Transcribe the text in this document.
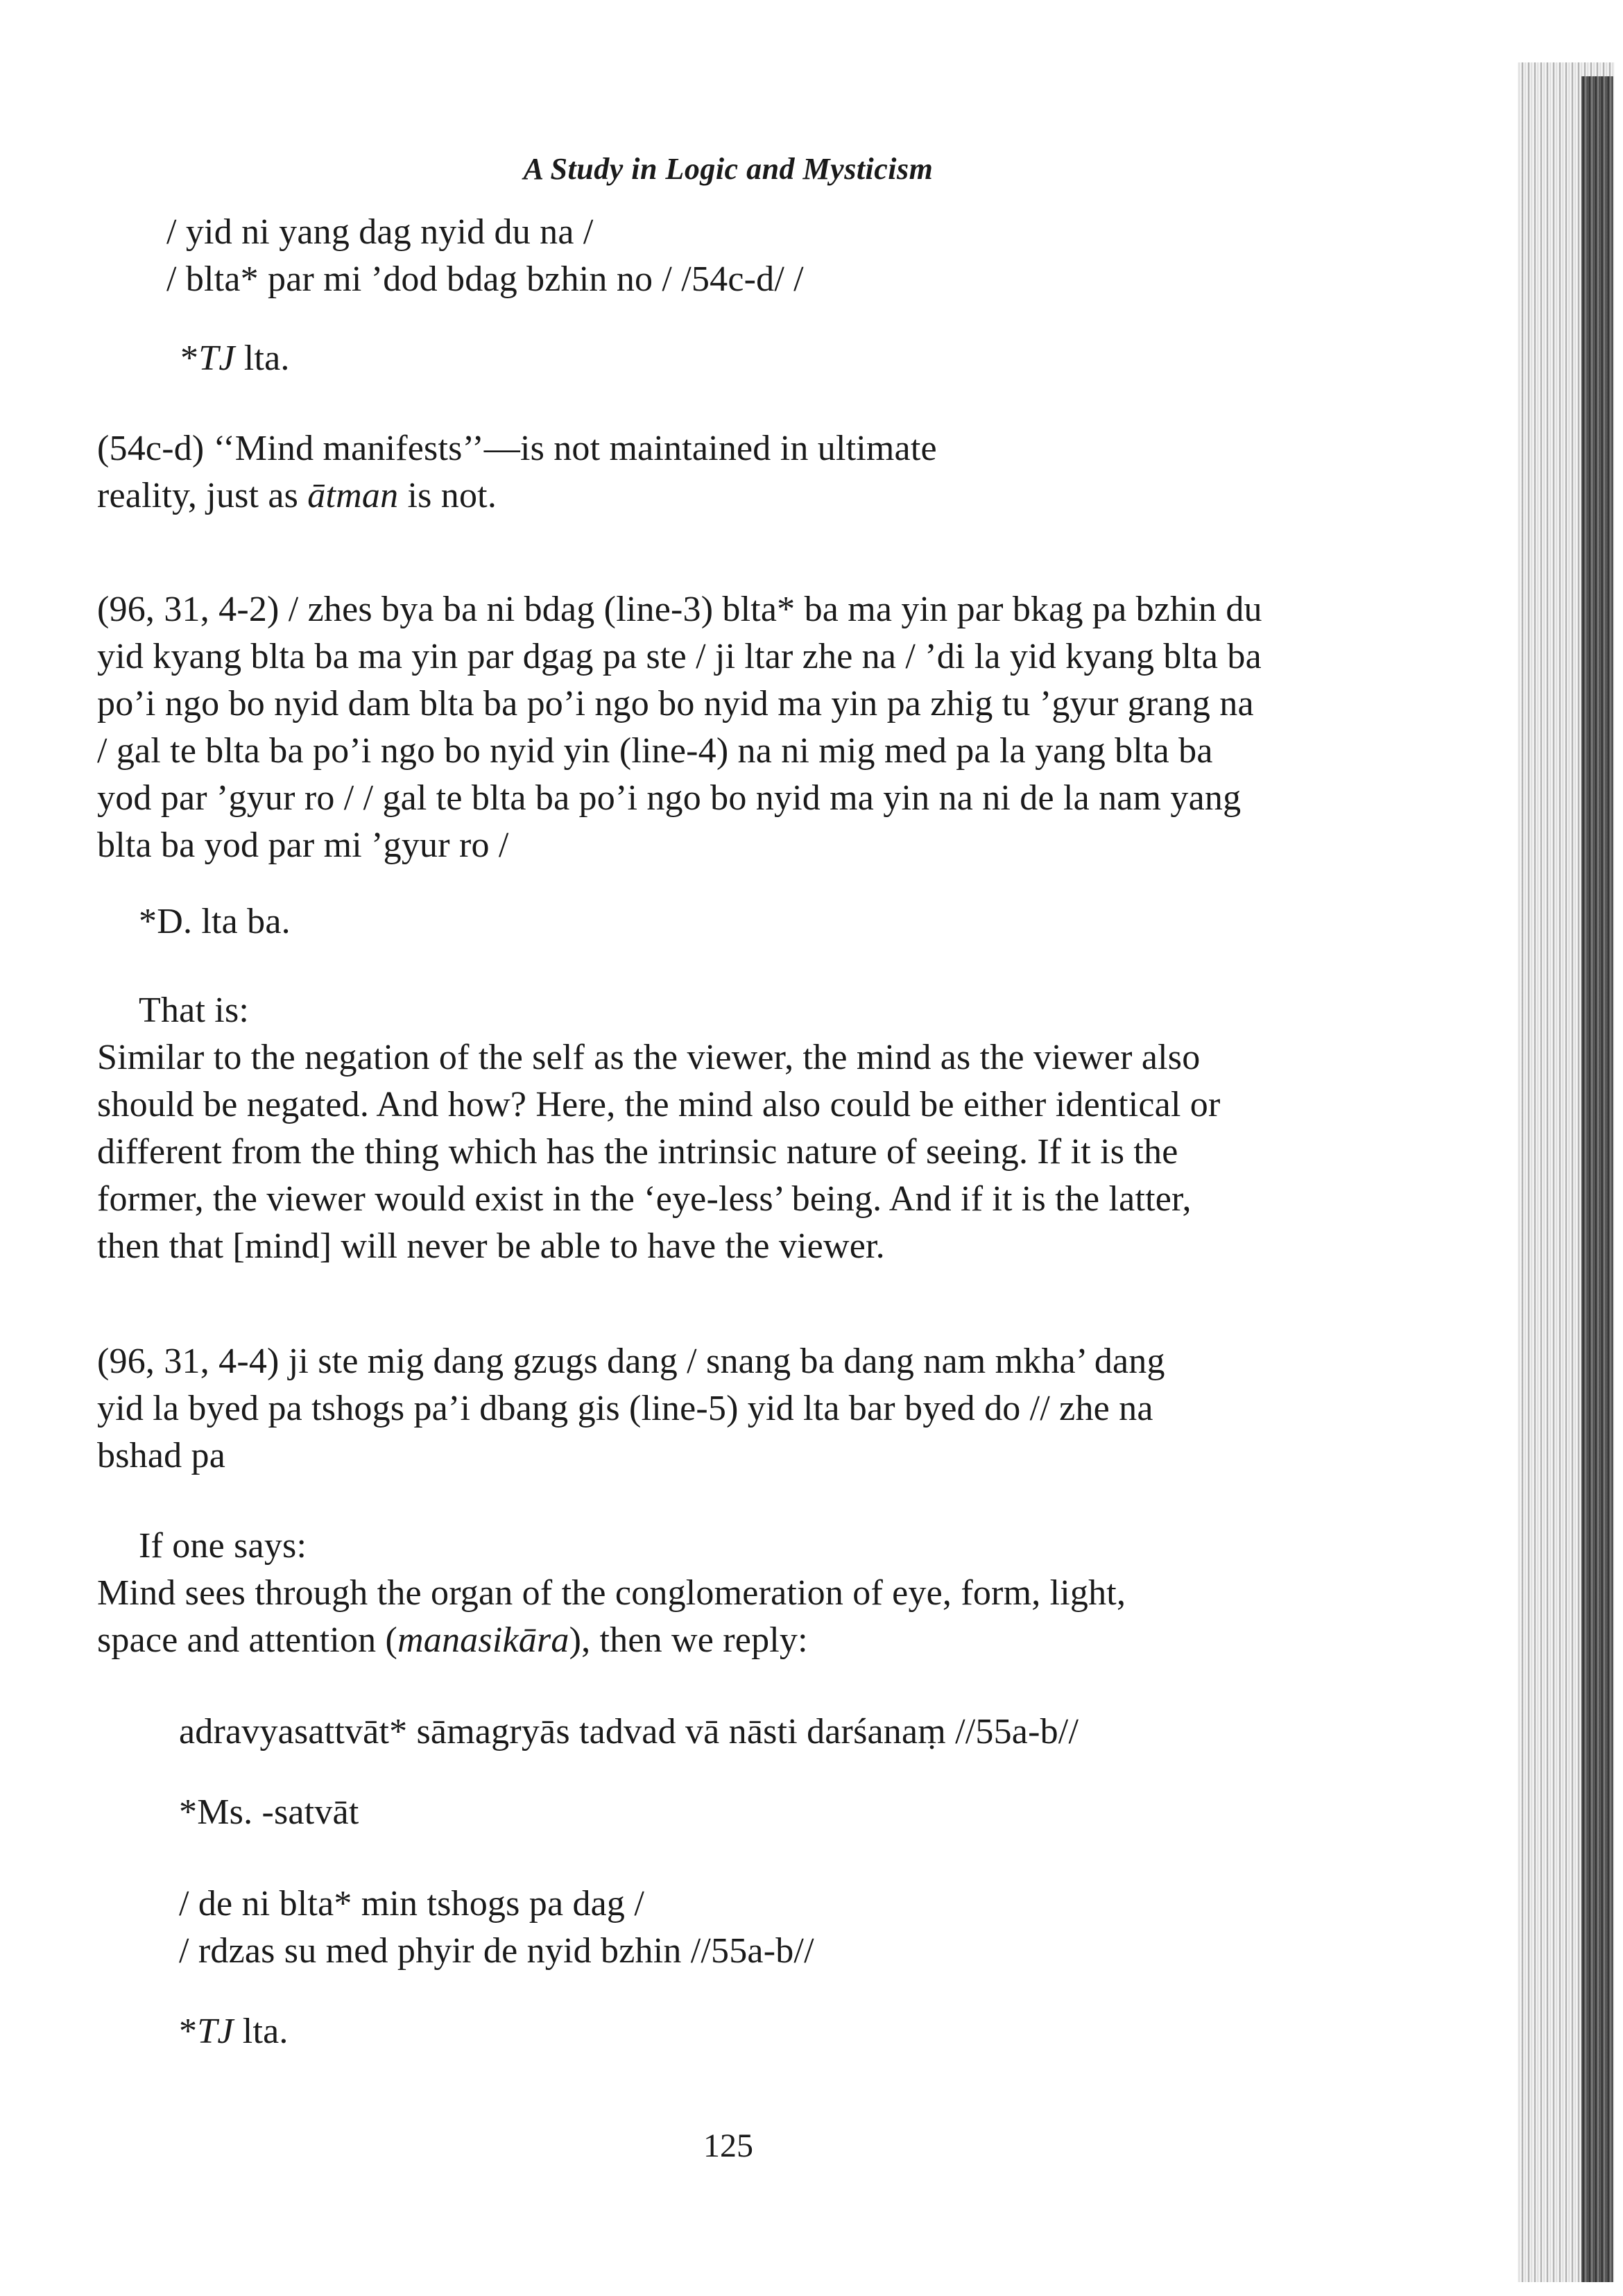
A Study in Logic and Mysticism
/ yid ni yang dag nyid du na /
/ blta* par mi ’dod bdag bzhin no / /54c-d/ /
*TJ lta.
(54c-d) ‘‘Mind manifests’’—is not maintained in ultimate
reality, just as ātman is not.
(96, 31, 4-2) / zhes bya ba ni bdag (line-3) blta* ba ma yin par bkag pa bzhin du
yid kyang blta ba ma yin par dgag pa ste / ji ltar zhe na / ’di la yid kyang blta ba
po’i ngo bo nyid dam blta ba po’i ngo bo nyid ma yin pa zhig tu ’gyur grang na
/ gal te blta ba po’i ngo bo nyid yin (line-4) na ni mig med pa la yang blta ba
yod par ’gyur ro / / gal te blta ba po’i ngo bo nyid ma yin na ni de la nam yang
blta ba yod par mi ’gyur ro /
*D. lta ba.
That is:
Similar to the negation of the self as the viewer, the mind as the viewer also
should be negated. And how? Here, the mind also could be either identical or
different from the thing which has the intrinsic nature of seeing. If it is the
former, the viewer would exist in the ‘eye-less’ being. And if it is the latter,
then that [mind] will never be able to have the viewer.
(96, 31, 4-4) ji ste mig dang gzugs dang / snang ba dang nam mkha’ dang
yid la byed pa tshogs pa’i dbang gis (line-5) yid lta bar byed do // zhe na
bshad pa
If one says:
Mind sees through the organ of the conglomeration of eye, form, light,
space and attention (manasikāra), then we reply:
adravyasattvāt* sāmagryās tadvad vā nāsti darśanaṃ //55a-b//
*Ms. -satvāt
/ de ni blta* min tshogs pa dag /
/ rdzas su med phyir de nyid bzhin //55a-b//
*TJ lta.
125
